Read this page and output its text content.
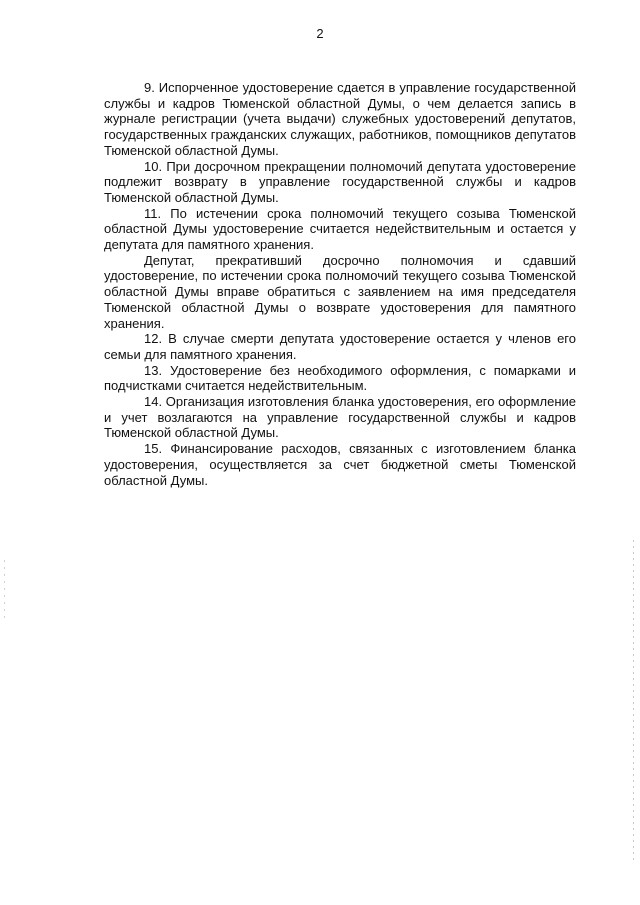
2

9. Испорченное удостоверение сдается в управление государственной службы и кадров Тюменской областной Думы, о чем делается запись в журнале регистрации (учета выдачи) служебных удостоверений депутатов, государственных гражданских служащих, работников, помощников депутатов Тюменской областной Думы.

10. При досрочном прекращении полномочий депутата удостоверение подлежит возврату в управление государственной службы и кадров Тюменской областной Думы.

11. По истечении срока полномочий текущего созыва Тюменской областной Думы удостоверение считается недействительным и остается у депутата для памятного хранения.

Депутат, прекративший досрочно полномочия и сдавший удостоверение, по истечении срока полномочий текущего созыва Тюменской областной Думы вправе обратиться с заявлением на имя председателя Тюменской областной Думы о возврате удостоверения для памятного хранения.

12. В случае смерти депутата удостоверение остается у членов его семьи для памятного хранения.

13. Удостоверение без необходимого оформления, с помарками и подчистками считается недействительным.

14. Организация изготовления бланка удостоверения, его оформление и учет возлагаются на управление государственной службы и кадров Тюменской областной Думы.

15. Финансирование расходов, связанных с изготовлением бланка удостоверения, осуществляется за счет бюджетной сметы Тюменской областной Думы.
